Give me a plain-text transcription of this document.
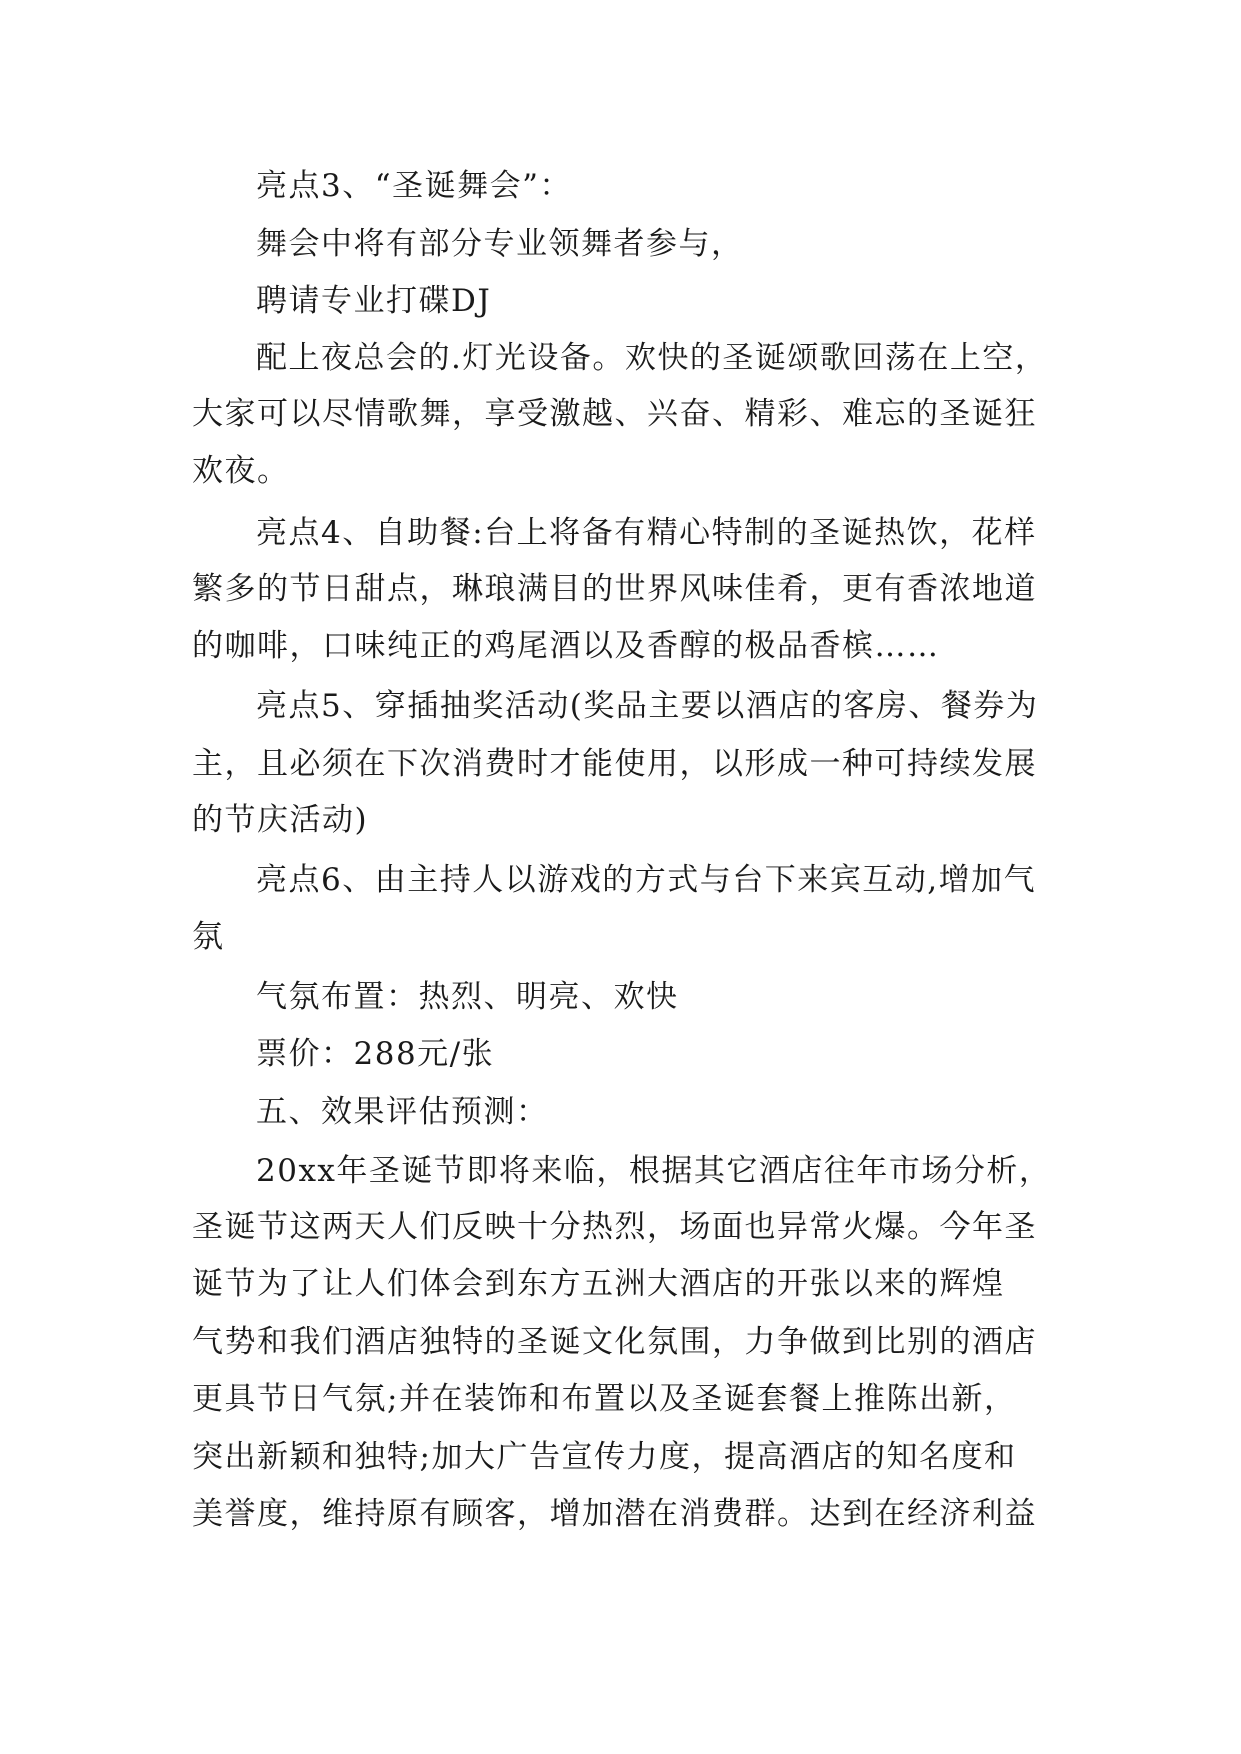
亮点3、“圣诞舞会”：
舞会中将有部分专业领舞者参与，
聘请专业打碟DJ
配上夜总会的.灯光设备。欢快的圣诞颂歌回荡在上空，
大家可以尽情歌舞，享受激越、兴奋、精彩、难忘的圣诞狂
欢夜。
亮点4、自助餐:台上将备有精心特制的圣诞热饮，花样
繁多的节日甜点，琳琅满目的世界风味佳肴，更有香浓地道
的咖啡，口味纯正的鸡尾酒以及香醇的极品香槟……
亮点5、穿插抽奖活动(奖品主要以酒店的客房、餐券为
主，且必须在下次消费时才能使用，以形成一种可持续发展
的节庆活动)
亮点6、由主持人以游戏的方式与台下来宾互动,增加气
氛
气氛布置：热烈、明亮、欢快
票价：288元/张
五、效果评估预测：
20xx年圣诞节即将来临，根据其它酒店往年市场分析，
圣诞节这两天人们反映十分热烈，场面也异常火爆。今年圣
诞节为了让人们体会到东方五洲大酒店的开张以来的辉煌
气势和我们酒店独特的圣诞文化氛围，力争做到比别的酒店
更具节日气氛;并在装饰和布置以及圣诞套餐上推陈出新，
突出新颖和独特;加大广告宣传力度，提高酒店的知名度和
美誉度，维持原有顾客，增加潜在消费群。达到在经济利益
